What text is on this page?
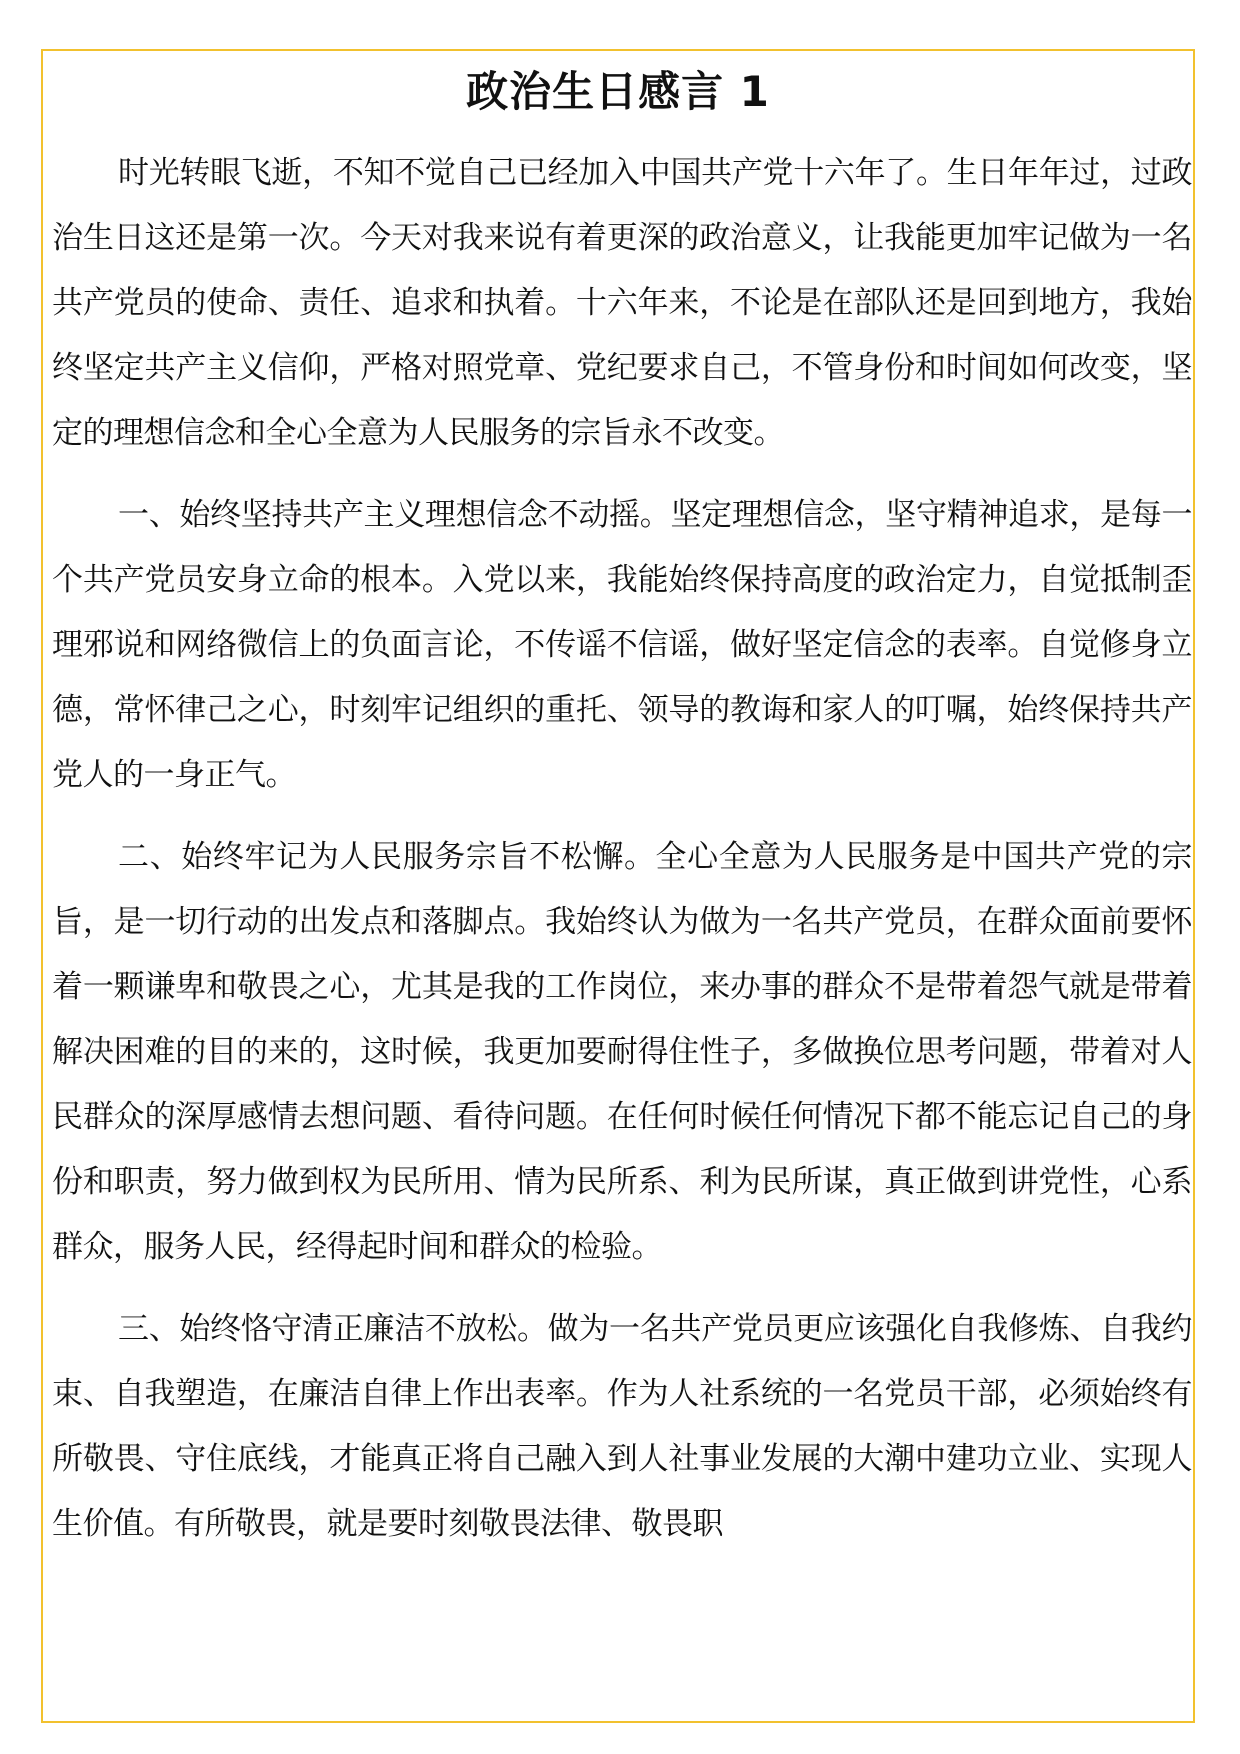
政治生日感言 1

时光转眼飞逝，不知不觉自己已经加入中国共产党十六年了。生日年年过，过政治生日这还是第一次。今天对我来说有着更深的政治意义，让我能更加牢记做为一名共产党员的使命、责任、追求和执着。十六年来，不论是在部队还是回到地方，我始终坚定共产主义信仰，严格对照党章、党纪要求自己，不管身份和时间如何改变，坚定的理想信念和全心全意为人民服务的宗旨永不改变。

一、始终坚持共产主义理想信念不动摇。坚定理想信念，坚守精神追求，是每一个共产党员安身立命的根本。入党以来，我能始终保持高度的政治定力，自觉抵制歪理邪说和网络微信上的负面言论，不传谣不信谣，做好坚定信念的表率。自觉修身立德，常怀律己之心，时刻牢记组织的重托、领导的教诲和家人的叮嘱，始终保持共产党人的一身正气。

二、始终牢记为人民服务宗旨不松懈。全心全意为人民服务是中国共产党的宗旨，是一切行动的出发点和落脚点。我始终认为做为一名共产党员，在群众面前要怀着一颗谦卑和敬畏之心，尤其是我的工作岗位，来办事的群众不是带着怨气就是带着解决困难的目的来的，这时候，我更加要耐得住性子，多做换位思考问题，带着对人民群众的深厚感情去想问题、看待问题。在任何时候任何情况下都不能忘记自己的身份和职责，努力做到权为民所用、情为民所系、利为民所谋，真正做到讲党性，心系群众，服务人民，经得起时间和群众的检验。

三、始终恪守清正廉洁不放松。做为一名共产党员更应该强化自我修炼、自我约束、自我塑造，在廉洁自律上作出表率。作为人社系统的一名党员干部，必须始终有所敬畏、守住底线，才能真正将自己融入到人社事业发展的大潮中建功立业、实现人生价值。有所敬畏，就是要时刻敬畏法律、敬畏职
